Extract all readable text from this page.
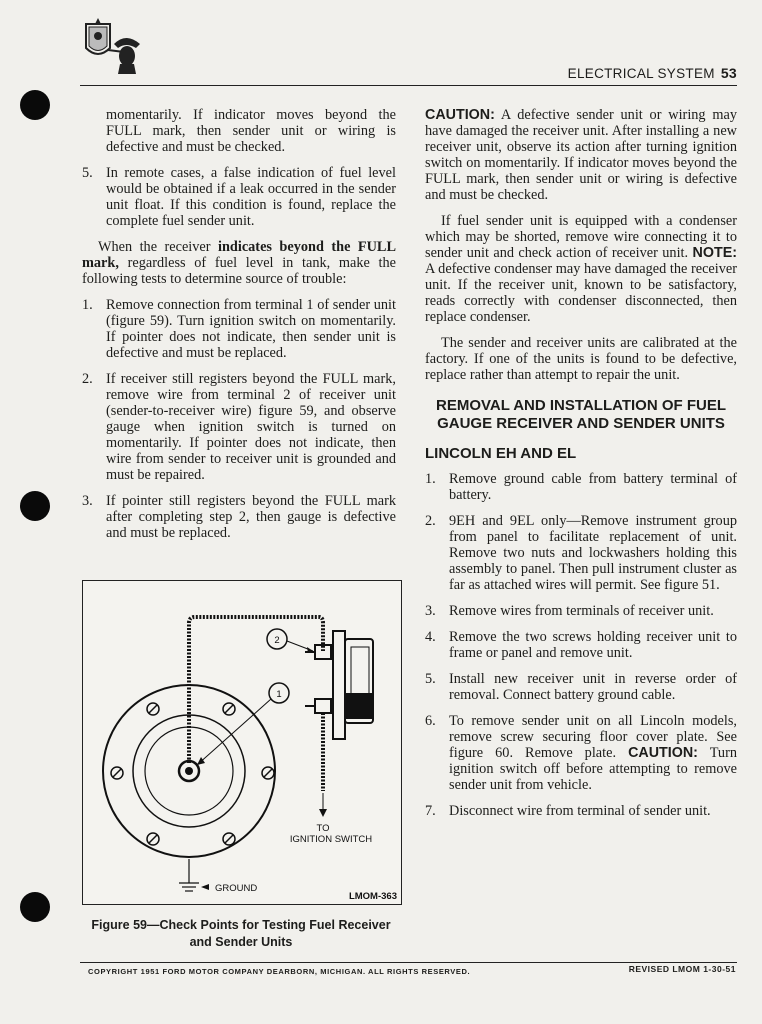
ELECTRICAL SYSTEM 53

momentarily. If indicator moves beyond the FULL mark, then sender unit or wiring is defective and must be checked.

5. In remote cases, a false indication of fuel level would be obtained if a leak occurred in the sender unit float. If this condition is found, replace the complete fuel sender unit.

When the receiver indicates beyond the FULL mark, regardless of fuel level in tank, make the following tests to determine source of trouble:

1. Remove connection from terminal 1 of sender unit (figure 59). Turn ignition switch on momentarily. If pointer does not indicate, then sender unit is defective and must be replaced.
2. If receiver still registers beyond the FULL mark, remove wire from terminal 2 of receiver unit (sender-to-receiver wire) figure 59, and observe gauge when ignition switch is turned on momentarily. If pointer does not indicate, then wire from sender to receiver unit is grounded and must be repaired.
3. If pointer still registers beyond the FULL mark after completing step 2, then gauge is defective and must be replaced.
2
1
TO
IGNITION SWITCH
GROUND
LMOM-363
Figure 59—Check Points for Testing Fuel Receiver
and Sender Units

CAUTION: A defective sender unit or wiring may have damaged the receiver unit. After installing a new receiver unit, observe its action after turning ignition switch on momentarily. If indicator moves beyond the FULL mark, then sender unit or wiring is defective and must be checked.

If fuel sender unit is equipped with a condenser which may be shorted, remove wire connecting it to sender unit and check action of receiver unit. NOTE: A defective condenser may have damaged the receiver unit. If the receiver unit, known to be satisfactory, reads correctly with condenser disconnected, then replace condenser.

The sender and receiver units are calibrated at the factory. If one of the units is found to be defective, replace rather than attempt to repair the unit.

REMOVAL AND INSTALLATION OF FUEL GAUGE RECEIVER AND SENDER UNITS
LINCOLN EH AND EL
1. Remove ground cable from battery terminal of battery.
2. 9EH and 9EL only—Remove instrument group from panel to facilitate replacement of unit. Remove two nuts and lockwashers holding this assembly to panel. Then pull instrument cluster as far as attached wires will permit. See figure 51.
3. Remove wires from terminals of receiver unit.
4. Remove the two screws holding receiver unit to frame or panel and remove unit.
5. Install new receiver unit in reverse order of removal. Connect battery ground cable.
6. To remove sender unit on all Lincoln models, remove screw securing floor cover plate. See figure 60. Remove plate. CAUTION: Turn ignition switch off before attempting to remove sender unit from vehicle.
7. Disconnect wire from terminal of sender unit.
COPYRIGHT 1951 FORD MOTOR COMPANY DEARBORN, MICHIGAN. ALL RIGHTS RESERVED.	REVISED LMOM 1-30-51
